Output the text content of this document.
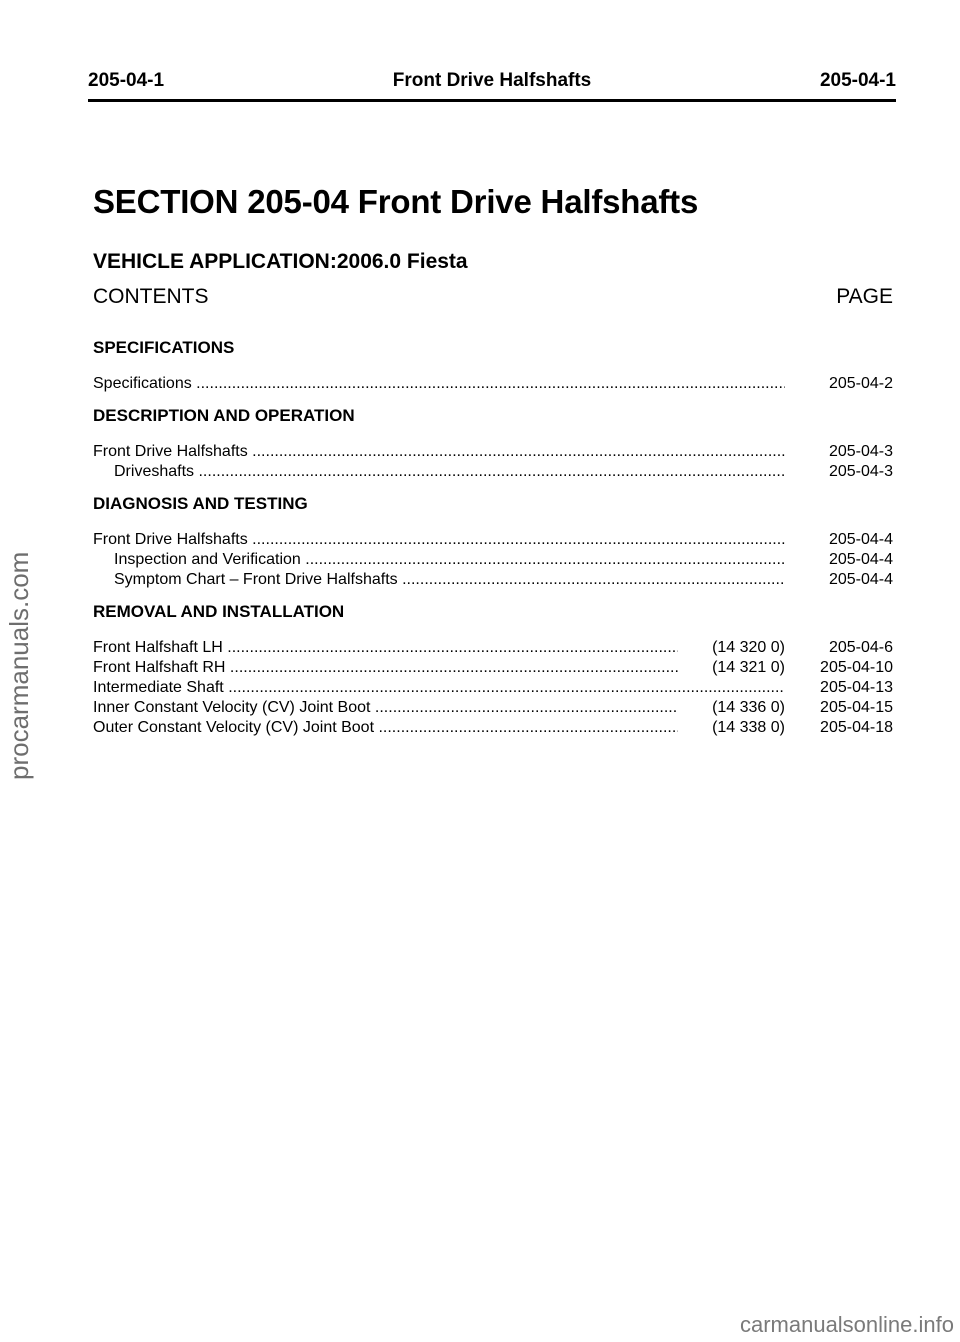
205-04-1	Front Drive Halfshafts	205-04-1
SECTION 205-04 Front Drive Halfshafts
VEHICLE APPLICATION:2006.0 Fiesta
CONTENTS	PAGE
SPECIFICATIONS
Specifications .....	205-04-2
DESCRIPTION AND OPERATION
Front Drive Halfshafts .....	205-04-3
Driveshafts .....	205-04-3
DIAGNOSIS AND TESTING
Front Drive Halfshafts .....	205-04-4
Inspection and Verification .....	205-04-4
Symptom Chart – Front Drive Halfshafts .....	205-04-4
REMOVAL AND INSTALLATION
Front Halfshaft LH .....	(14 320 0)	205-04-6
Front Halfshaft RH .....	(14 321 0)	205-04-10
Intermediate Shaft .....	205-04-13
Inner Constant Velocity (CV) Joint Boot .....	(14 336 0)	205-04-15
Outer Constant Velocity (CV) Joint Boot .....	(14 338 0)	205-04-18
procarmanuals.com
carmanualsonline.info
